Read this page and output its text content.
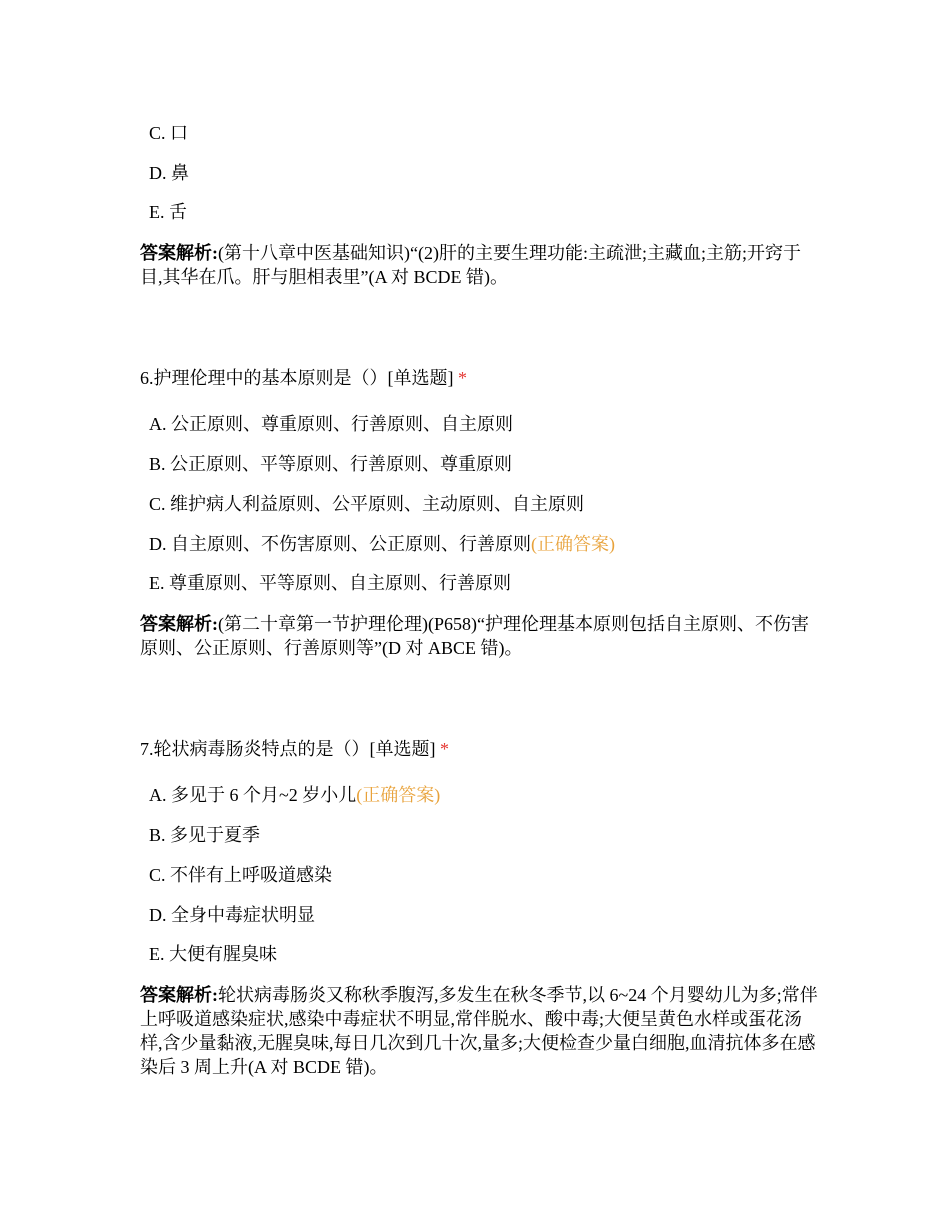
C. 口
D. 鼻
E. 舌
答案解析:(第十八章中医基础知识)“(2)肝的主要生理功能:主疏泄;主藏血;主筋;开窍于目,其华在爪。肝与胆相表里”(A 对 BCDE 错)。
6.护理伦理中的基本原则是（）[单选题] *
A. 公正原则、尊重原则、行善原则、自主原则
B. 公正原则、平等原则、行善原则、尊重原则
C. 维护病人利益原则、公平原则、主动原则、自主原则
D. 自主原则、不伤害原则、公正原则、行善原则(正确答案)
E. 尊重原则、平等原则、自主原则、行善原则
答案解析:(第二十章第一节护理伦理)(P658)“护理伦理基本原则包括自主原则、不伤害原则、公正原则、行善原则等”(D 对 ABCE 错)。
7.轮状病毒肠炎特点的是（）[单选题] *
A. 多见于 6 个月~2 岁小儿(正确答案)
B. 多见于夏季
C. 不伴有上呼吸道感染
D. 全身中毒症状明显
E. 大便有腥臭味
答案解析:轮状病毒肠炎又称秋季腹泻,多发生在秋冬季节,以 6~24 个月婴幼儿为多;常伴上呼吸道感染症状,感染中毒症状不明显,常伴脱水、酸中毒;大便呈黄色水样或蛋花汤样,含少量黏液,无腥臭味,每日几次到几十次,量多;大便检查少量白细胞,血清抗体多在感染后 3 周上升(A 对 BCDE 错)。
